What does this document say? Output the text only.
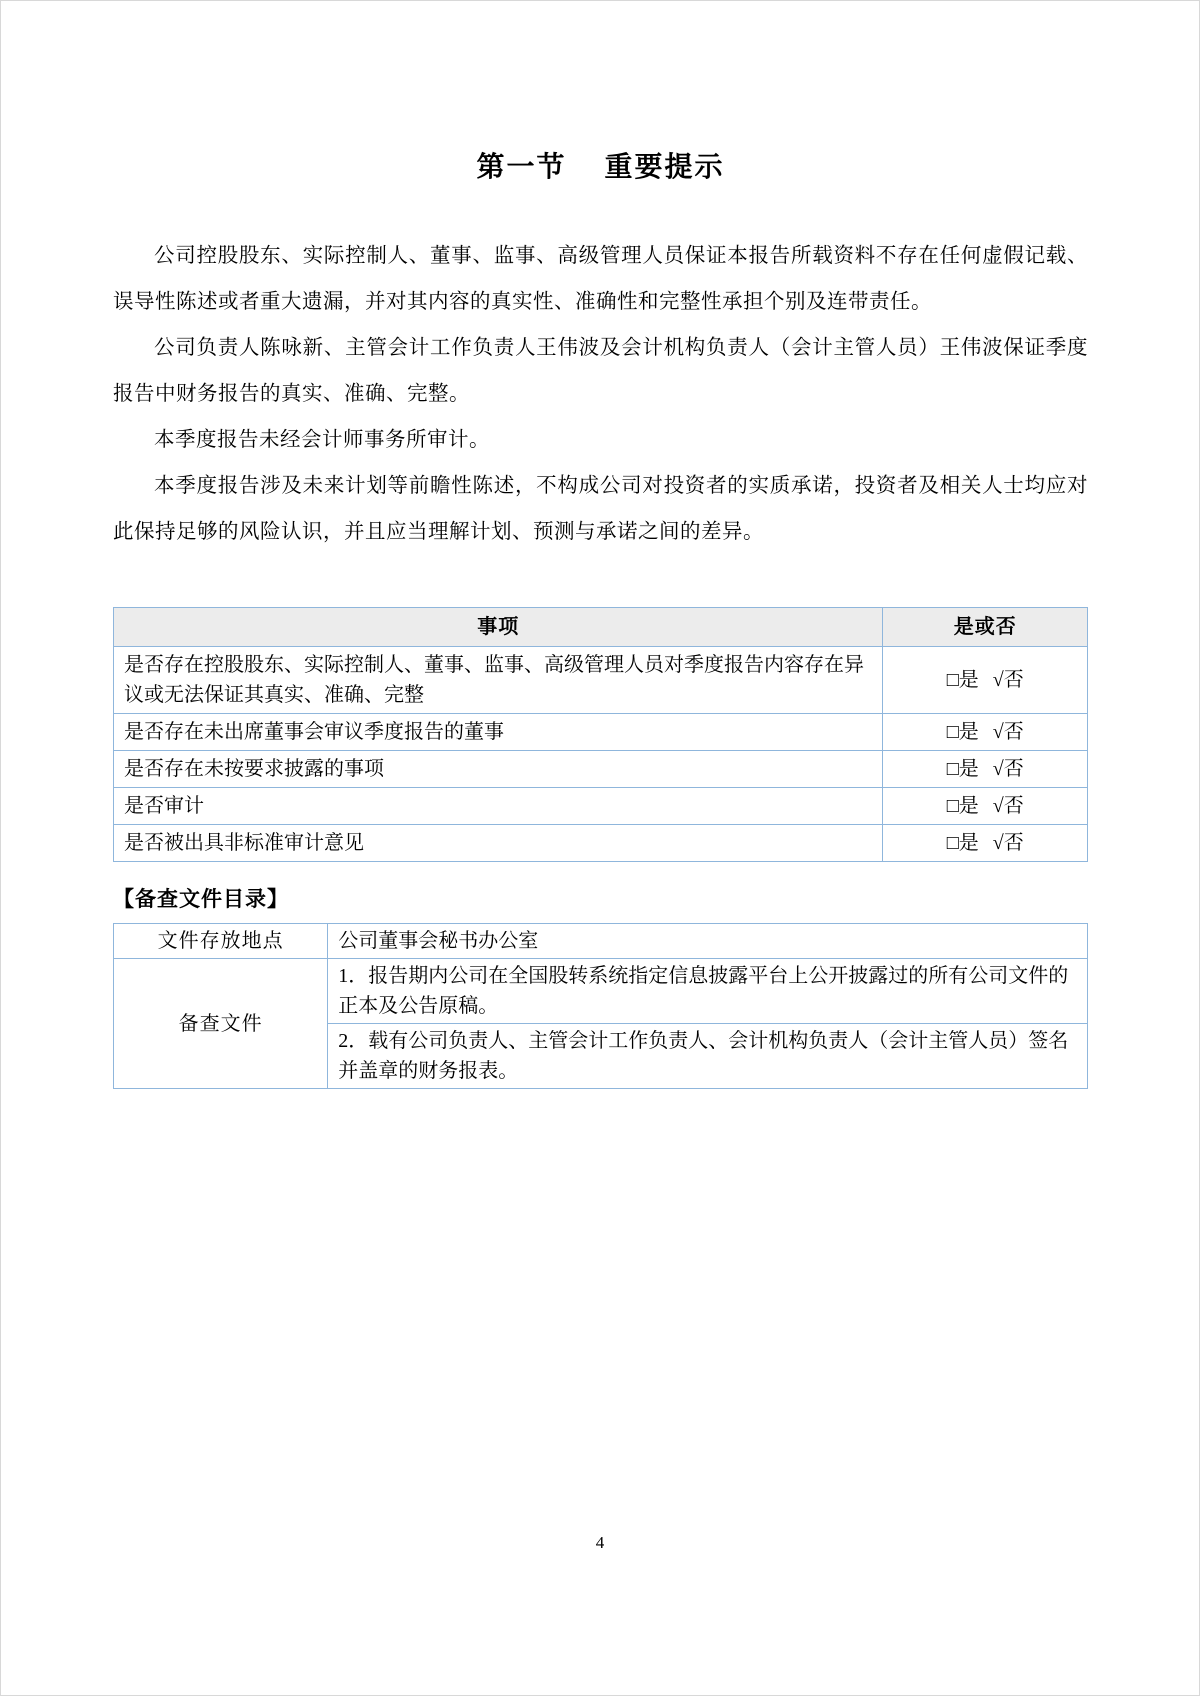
第一节 重要提示

公司控股股东、实际控制人、董事、监事、高级管理人员保证本报告所载资料不存在任何虚假记载、误导性陈述或者重大遗漏，并对其内容的真实性、准确性和完整性承担个别及连带责任。

公司负责人陈咏新、主管会计工作负责人王伟波及会计机构负责人（会计主管人员）王伟波保证季度报告中财务报告的真实、准确、完整。

本季度报告未经会计师事务所审计。

本季度报告涉及未来计划等前瞻性陈述，不构成公司对投资者的实质承诺，投资者及相关人士均应对此保持足够的风险认识，并且应当理解计划、预测与承诺之间的差异。

事项	是或否
是否存在控股股东、实际控制人、董事、监事、高级管理人员对季度报告内容存在异议或无法保证其真实、准确、完整	□是 √否
是否存在未出席董事会审议季度报告的董事	□是 √否
是否存在未按要求披露的事项	□是 √否
是否审计	□是 √否
是否被出具非标准审计意见	□是 √否
【备查文件目录】
文件存放地点	公司董事会秘书办公室
备查文件	1．报告期内公司在全国股转系统指定信息披露平台上公开披露过的所有公司文件的正本及公告原稿。
	2．载有公司负责人、主管会计工作负责人、会计机构负责人（会计主管人员）签名并盖章的财务报表。
4
